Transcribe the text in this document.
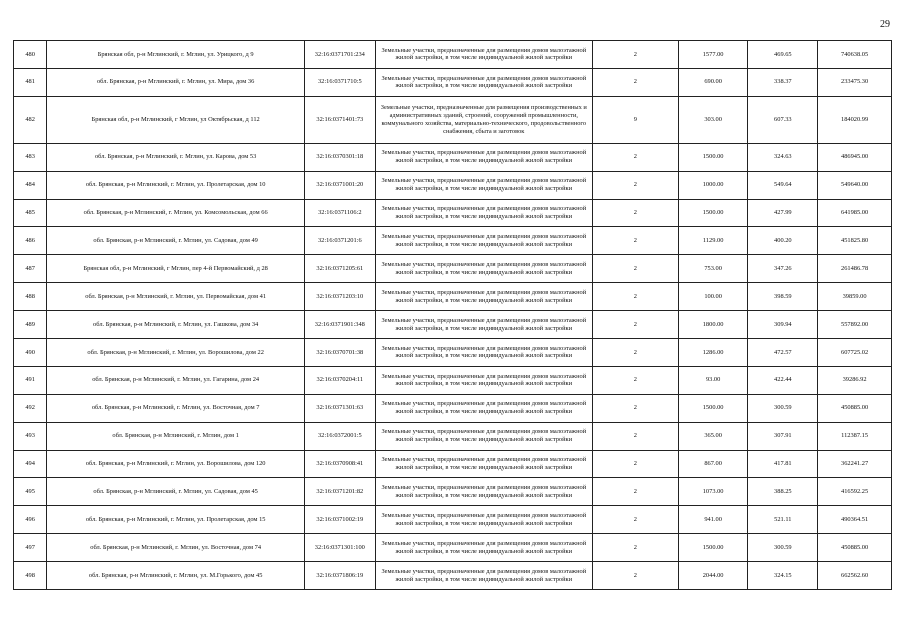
29
480	Брянская обл, р-н Мглинский, г. Мглин, ул. Урицкого, д 9	32:16:0371701:234	Земельные участки, предназначенные для размещения домов малоэтажной жилой застройки, в том числе индивидуальной жилой застройки	2	1577.00	469.65	740638.05
481	обл. Брянская, р-н Мглинский, г. Мглин, ул. Мира, дом 36	32:16:0371710:5	Земельные участки, предназначенные для размещения домов малоэтажной жилой застройки, в том числе индивидуальной жилой застройки	2	690.00	338.37	233475.30
482	Брянская обл, р-н Мглинский, г Мглин, ул Октябрьская, д 112	32:16:0371401:73	Земельные участки, предназначенные для размещения производственных и административных зданий, строений, сооружений промышленности, коммунального хозяйства, материально-технического, продовольственного снабжения, сбыта и заготовок	9	303.00	607.33	184020.99
483	обл. Брянская, р-н Мглинский, г. Мглин, ул. Карова, дом 53	32:16:0370301:18	Земельные участки, предназначенные для размещения домов малоэтажной жилой застройки, в том числе индивидуальной жилой застройки	2	1500.00	324.63	486945.00
484	обл. Брянская, р-н Мглинский, г. Мглин, ул. Пролетарская, дом 10	32:16:0371001:20	Земельные участки, предназначенные для размещения домов малоэтажной жилой застройки, в том числе индивидуальной жилой застройки	2	1000.00	549.64	549640.00
485	обл. Брянская, р-н Мглинский, г. Мглин, ул. Комсомольская, дом 66	32:16:0371106:2	Земельные участки, предназначенные для размещения домов малоэтажной жилой застройки, в том числе индивидуальной жилой застройки	2	1500.00	427.99	641985.00
486	обл. Брянская, р-н Мглинский, г. Мглин, ул. Садовая, дом 49	32:16:0371201:6	Земельные участки, предназначенные для размещения домов малоэтажной жилой застройки, в том числе индивидуальной жилой застройки	2	1129.00	400.20	451825.80
487	Брянская обл, р-н Мглинский, г Мглин, пер 4-й Первомайский, д 28	32:16:0371205:61	Земельные участки, предназначенные для размещения домов малоэтажной жилой застройки, в том числе индивидуальной жилой застройки	2	753.00	347.26	261486.78
488	обл. Брянская, р-н Мглинский, г. Мглин, ул. Первомайская, дом 41	32:16:0371203:10	Земельные участки, предназначенные для размещения домов малоэтажной жилой застройки, в том числе индивидуальной жилой застройки	2	100.00	398.59	39859.00
489	обл. Брянская, р-н Мглинский, г. Мглин, ул. Гашкова, дом 34	32:16:0371901:348	Земельные участки, предназначенные для размещения домов малоэтажной жилой застройки, в том числе индивидуальной жилой застройки	2	1800.00	309.94	557892.00
490	обл. Брянская, р-н Мглинский, г. Мглин, ул. Ворошилова, дом 22	32:16:0370701:38	Земельные участки, предназначенные для размещения домов малоэтажной жилой застройки, в том числе индивидуальной жилой застройки	2	1286.00	472.57	607725.02
491	обл. Брянская, р-н Мглинский, г. Мглин, ул. Гагарина, дом 24	32:16:0370204:11	Земельные участки, предназначенные для размещения домов малоэтажной жилой застройки, в том числе индивидуальной жилой застройки	2	93.00	422.44	39286.92
492	обл. Брянская, р-н Мглинский, г. Мглин, ул. Восточная, дом 7	32:16:0371301:63	Земельные участки, предназначенные для размещения домов малоэтажной жилой застройки, в том числе индивидуальной жилой застройки	2	1500.00	300.59	450885.00
493	обл. Брянская, р-н Мглинский, г. Мглин, дом 1	32:16:0372001:5	Земельные участки, предназначенные для размещения домов малоэтажной жилой застройки, в том числе индивидуальной жилой застройки	2	365.00	307.91	112387.15
494	обл. Брянская, р-н Мглинский, г. Мглин, ул. Ворошилова, дом 120	32:16:0370908:41	Земельные участки, предназначенные для размещения домов малоэтажной жилой застройки, в том числе индивидуальной жилой застройки	2	867.00	417.81	362241.27
495	обл. Брянская, р-н Мглинский, г. Мглин, ул. Садовая, дом 45	32:16:0371201:82	Земельные участки, предназначенные для размещения домов малоэтажной жилой застройки, в том числе индивидуальной жилой застройки	2	1073.00	388.25	416592.25
496	обл. Брянская, р-н Мглинский, г. Мглин, ул. Пролетарская, дом 15	32:16:0371002:19	Земельные участки, предназначенные для размещения домов малоэтажной жилой застройки, в том числе индивидуальной жилой застройки	2	941.00	521.11	490364.51
497	обл. Брянская, р-н Мглинский, г. Мглин, ул. Восточная, дом 74	32:16:0371301:100	Земельные участки, предназначенные для размещения домов малоэтажной жилой застройки, в том числе индивидуальной жилой застройки	2	1500.00	300.59	450885.00
498	обл. Брянская, р-н Мглинский, г. Мглин, ул. М.Горького, дом 45	32:16:0371806:19	Земельные участки, предназначенные для размещения домов малоэтажной жилой застройки, в том числе индивидуальной жилой застройки	2	2044.00	324.15	662562.60
